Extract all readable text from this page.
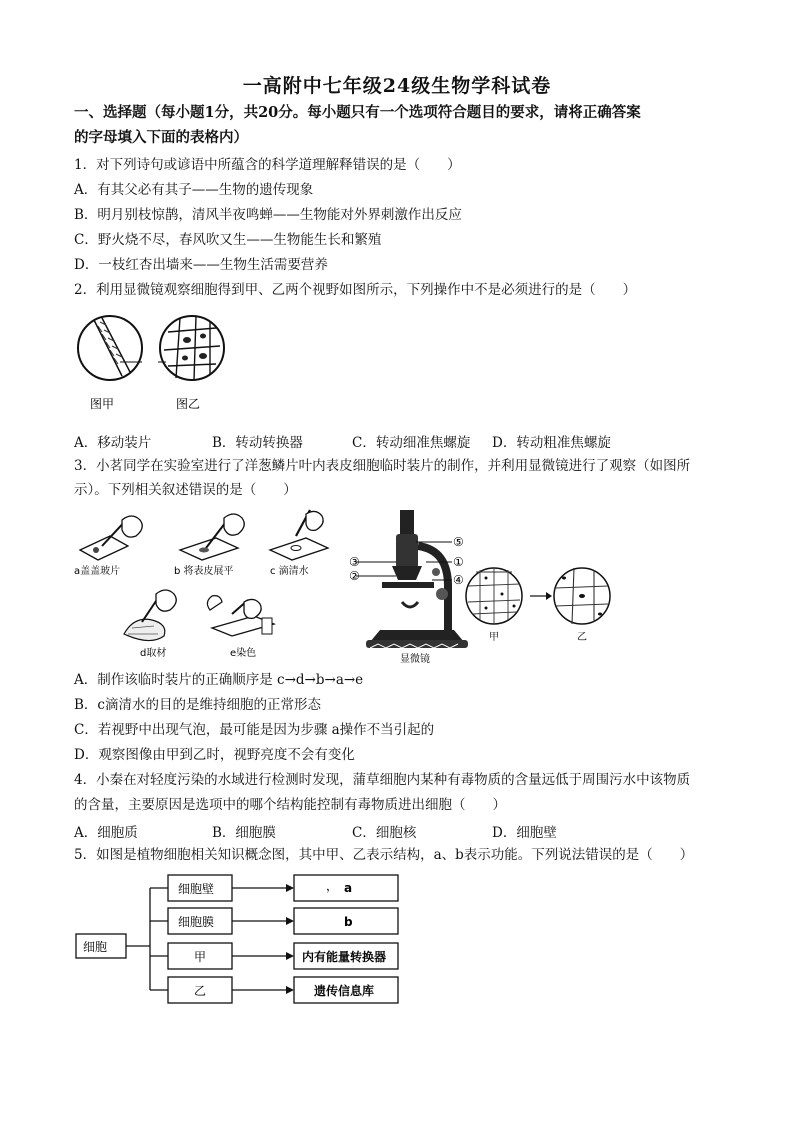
一高附中七年级24级生物学科试卷
一、选择题（每小题1分，共20分。每小题只有一个选项符合题目的要求，请将正确答案
的字母填入下面的表格内）
1．对下列诗句或谚语中所蕴含的科学道理解释错误的是（　　）
A．有其父必有其子——生物的遗传现象
B．明月别枝惊鹊，清风半夜鸣蝉——生物能对外界刺激作出反应
C．野火烧不尽，春风吹又生——生物能生长和繁殖
D．一枝红杏出墙来——生物生活需要营养
2．利用显微镜观察细胞得到甲、乙两个视野如图所示，下列操作中不是必须进行的是（　　）
图甲	图乙
A．移动装片	B．转动转换器	C．转动细准焦螺旋 D．转动粗准焦螺旋
3．小茗同学在实验室进行了洋葱鳞片叶内表皮细胞临时装片的制作，并利用显微镜进行了观察（如图所
示）。下列相关叙述错误的是（　　）
a盖盖玻片	b 将表皮展平	c 滴清水
d取材	e染色
③
②
⑤
①
④
显微镜
甲	乙
A．制作该临时装片的正确顺序是 c→d→b→a→e
B．c滴清水的目的是维持细胞的正常形态
C．若视野中出现气泡，最可能是因为步骤 a操作不当引起的
D．观察图像由甲到乙时，视野亮度不会有变化
4．小秦在对轻度污染的水域进行检测时发现，蒲草细胞内某种有毒物质的含量远低于周围污水中该物质
的含量，主要原因是选项中的哪个结构能控制有毒物质进出细胞（　　）
A．细胞质	B．细胞膜	C．细胞核	D．细胞壁
5．如图是植物细胞相关知识概念图，其中甲、乙表示结构，a、b表示功能。下列说法错误的是（　　）
细胞
细胞壁
细胞膜
甲
乙
， a
b
内有能量转换器
遗传信息库
